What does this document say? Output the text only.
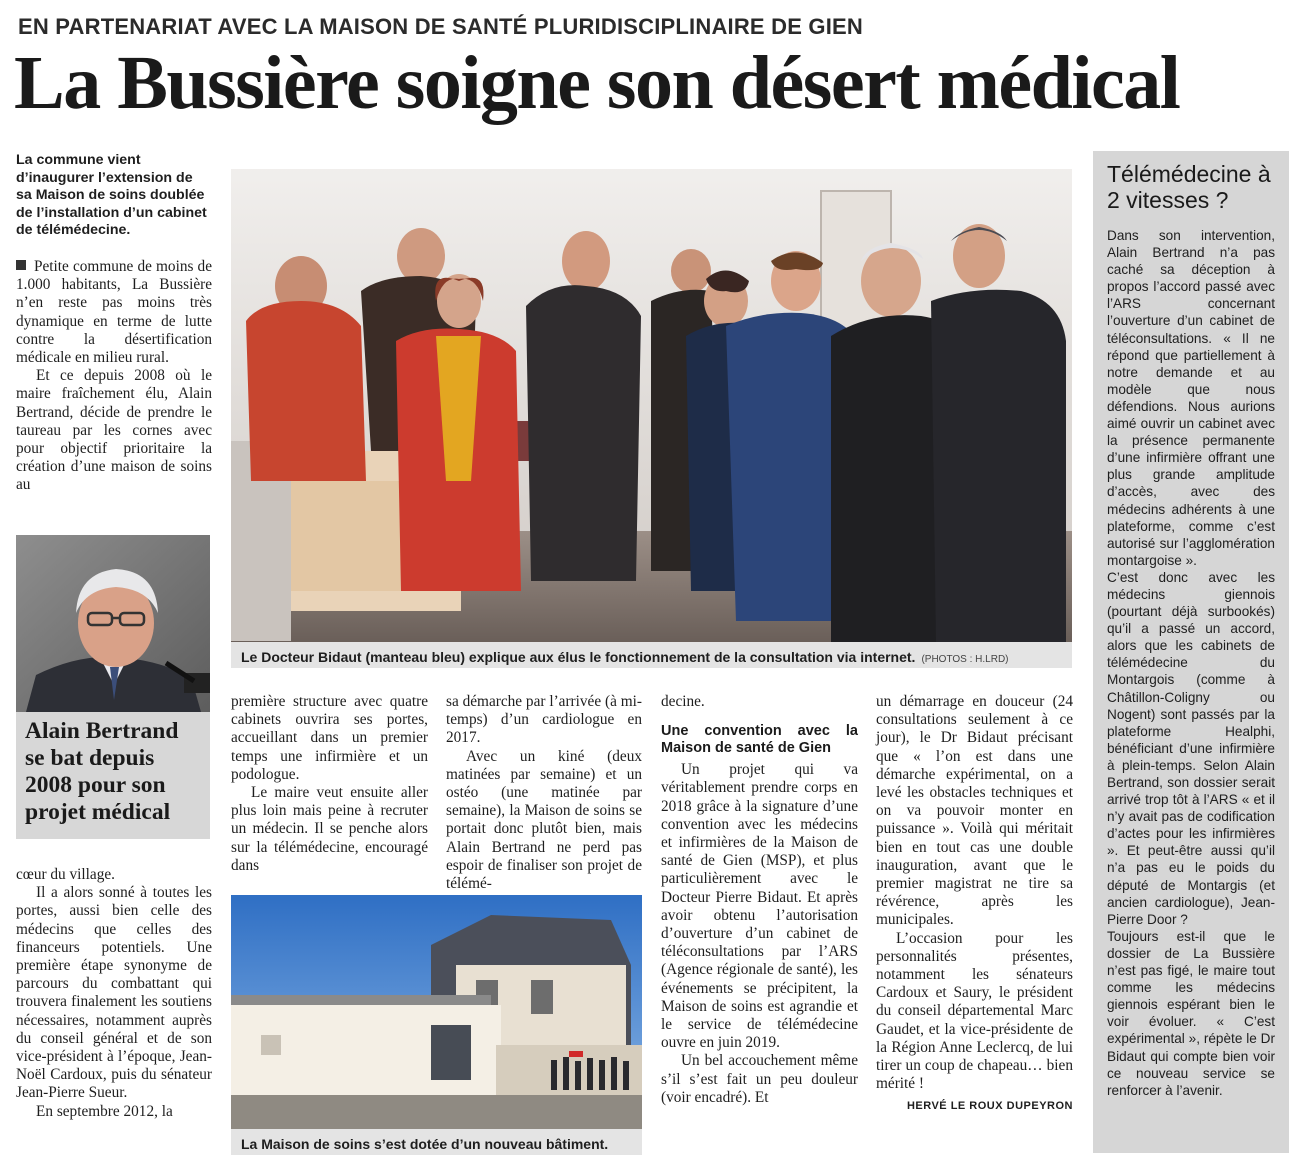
EN PARTENARIAT AVEC LA MAISON DE SANTÉ PLURIDISCIPLINAIRE DE GIEN
La Bussière soigne son désert médical
La commune vient d’inaugurer l’extension de sa Maison de soins doublée de l’installation d’un cabinet de télémédecine.

Petite commune de moins de 1.000 habitants, La Bussière n’en reste pas moins très dynamique en terme de lutte contre la désertification médicale en milieu rural.

Et ce depuis 2008 où le maire fraîchement élu, Alain Bertrand, décide de prendre le taureau par les cornes avec pour objectif prioritaire la création d’une maison de soins au

Alain Bertrand se bat depuis 2008 pour son projet médical

cœur du village.

Il a alors sonné à toutes les portes, aussi bien celle des médecins que celles des financeurs potentiels. Une première étape synonyme de parcours du combattant qui trouvera finalement les soutiens nécessaires, notamment auprès du conseil général et de son vice-président à l’époque, Jean-Noël Cardoux, puis du sénateur Jean-Pierre Sueur.

En septembre 2012, la

Le Docteur Bidaut (manteau bleu) explique aux élus le fonctionnement de la consultation via internet. (PHOTOS : H.LRD)

première structure avec quatre cabinets ouvrira ses portes, accueillant dans un premier temps une infirmière et un podologue.

Le maire veut ensuite aller plus loin mais peine à recruter un médecin. Il se penche alors sur la télémédecine, encouragé dans

sa démarche par l’arrivée (à mi-temps) d’un cardiologue en 2017.

Avec un kiné (deux matinées par semaine) et un ostéo (une matinée par semaine), la Maison de soins se portait donc plutôt bien, mais Alain Bertrand ne perd pas espoir de finaliser son projet de télémé-

La Maison de soins s’est dotée d’un nouveau bâtiment.

decine.

Une convention avec la Maison de santé de Gien

Un projet qui va véritablement prendre corps en 2018 grâce à la signature d’une convention avec les médecins et infirmières de la Maison de santé de Gien (MSP), et plus particulièrement avec le Docteur Pierre Bidaut. Et après avoir obtenu l’autorisation d’ouverture d’un cabinet de téléconsultations par l’ARS (Agence régionale de santé), les événements se précipitent, la Maison de soins est agrandie et le service de télémédecine ouvre en juin 2019.

Un bel accouchement même s’il s’est fait un peu douleur (voir encadré). Et

un démarrage en douceur (24 consultations seulement à ce jour), le Dr Bidaut précisant que « l’on est dans une démarche expérimental, on a levé les obstacles techniques et on va pouvoir monter en puissance ». Voilà qui méritait bien en tout cas une double inauguration, avant que le premier magistrat ne tire sa révérence, après les municipales.

L’occasion pour les personnalités présentes, notamment les sénateurs Cardoux et Saury, le président du conseil départemental Marc Gaudet, et la vice-présidente de la Région Anne Leclercq, de lui tirer un coup de chapeau… bien mérité !

HERVÉ LE ROUX DUPEYRON
Télémédecine à 2 vitesses ?

Dans son intervention, Alain Bertrand n’a pas caché sa déception à propos l’accord passé avec l’ARS concernant l’ouverture d’un cabinet de téléconsultations. « Il ne répond que partiellement à notre demande et au modèle que nous défendions. Nous aurions aimé ouvrir un cabinet avec la présence permanente d’une infirmière offrant une plus grande amplitude d’accès, avec des médecins adhérents à une plateforme, comme c’est autorisé sur l’agglomération montargoise ».

C’est donc avec les médecins giennois (pourtant déjà surbookés) qu’il a passé un accord, alors que les cabinets de télémédecine du Montargois (comme à Châtillon-Coligny ou Nogent) sont passés par la plateforme Healphi, bénéficiant d’une infirmière à plein-temps. Selon Alain Bertrand, son dossier serait arrivé trop tôt à l’ARS « et il n’y avait pas de codification d’actes pour les infirmières ». Et peut-être aussi qu’il n’a pas eu le poids du député de Montargis (et ancien cardiologue), Jean-Pierre Door ?

Toujours est-il que le dossier de La Bussière n’est pas figé, le maire tout comme les médecins giennois espérant bien le voir évoluer. « C’est expérimental », répète le Dr Bidaut qui compte bien voir ce nouveau service se renforcer à l’avenir.
